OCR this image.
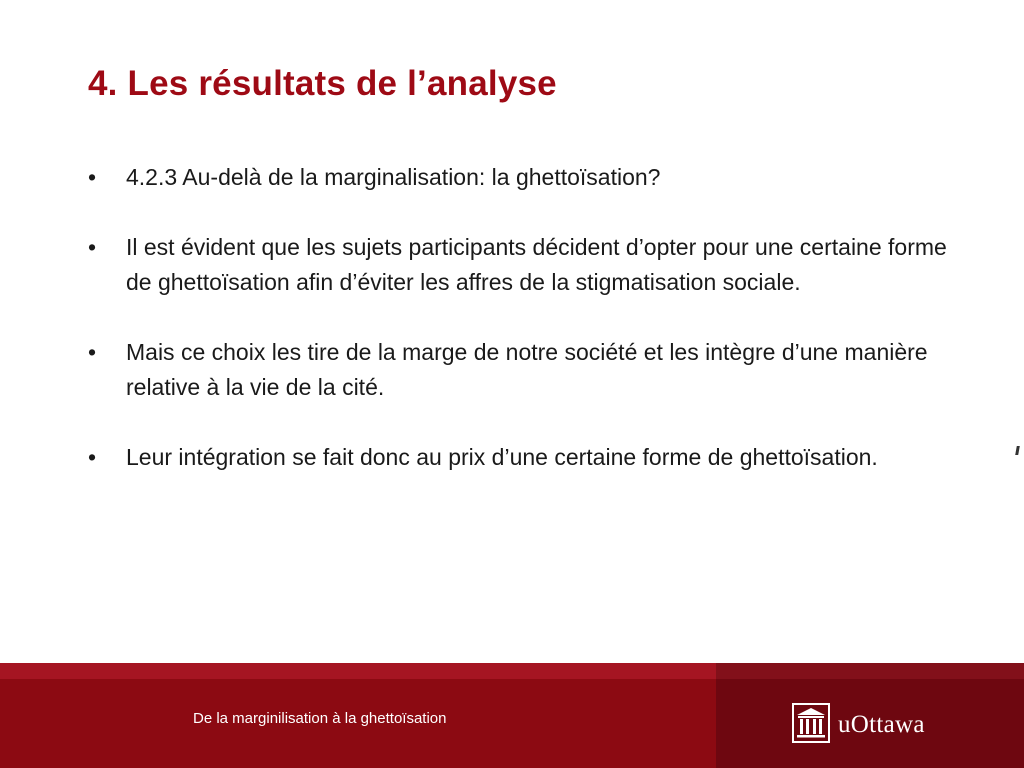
4. Les résultats de l’analyse
•	4.2.3 Au-delà de la marginalisation: la ghettoïsation?
•	Il est évident que les sujets participants décident d’opter pour une certaine forme de ghettoïsation afin d’éviter les affres de la stigmatisation sociale.
•	Mais ce choix les tire de la marge de notre société et les intègre d’une manière relative à la vie de la cité.
•	Leur intégration se fait donc au prix d’une certaine forme de ghettoïsation.
De la marginilisation à la ghettoïsation	uOttawa
